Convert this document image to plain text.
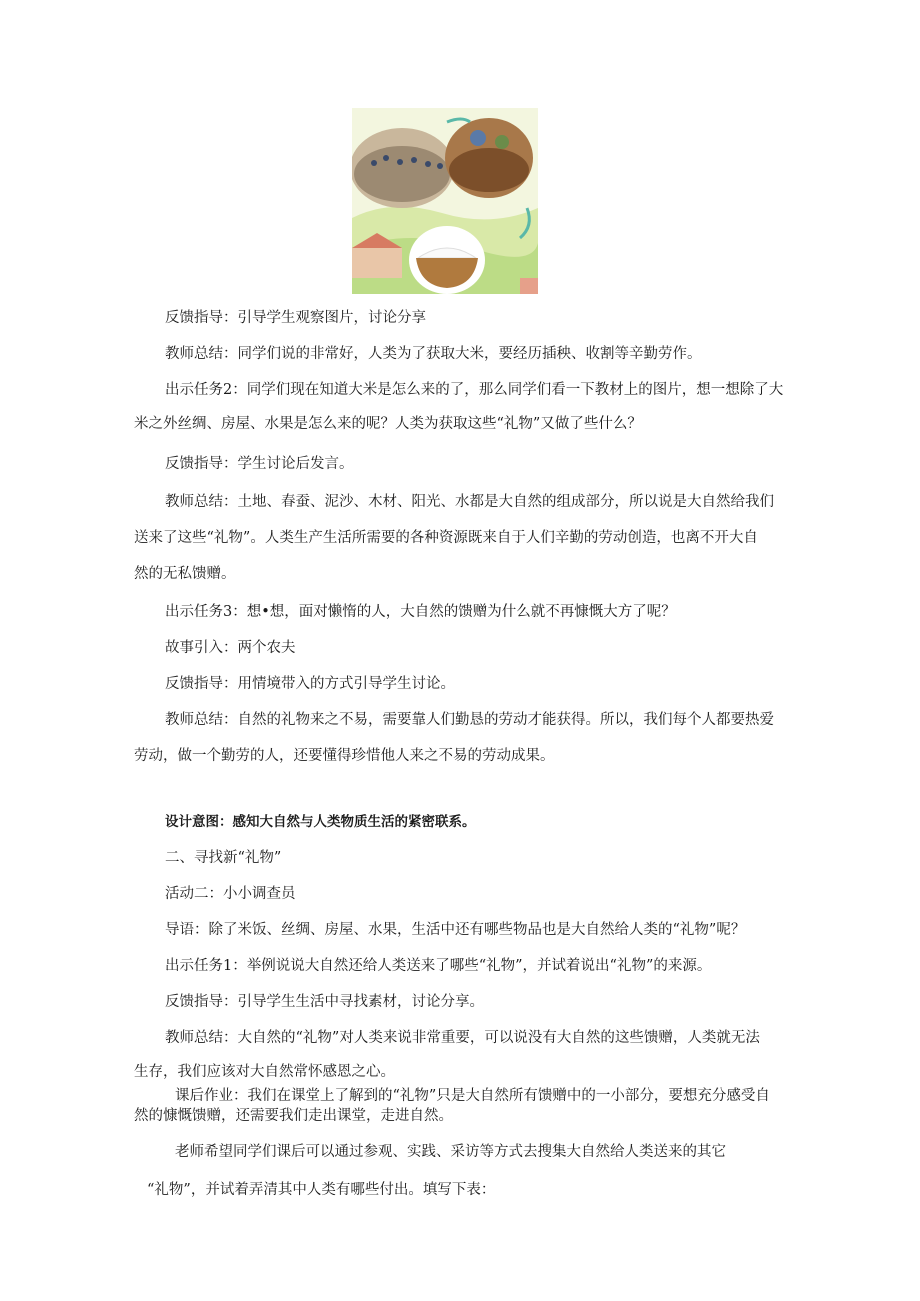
反馈指导：引导学生观察图片，讨论分享

教师总结：同学们说的非常好，人类为了获取大米，要经历插秧、收割等辛勤劳作。

出示任务2：同学们现在知道大米是怎么来的了，那么同学们看一下教材上的图片，想一想除了大

米之外丝绸、房屋、水果是怎么来的呢？人类为获取这些“礼物”又做了些什么？

反馈指导：学生讨论后发言。

教师总结：土地、春蚕、泥沙、木材、阳光、水都是大自然的组成部分，所以说是大自然给我们

送来了这些“礼物”。人类生产生活所需要的各种资源既来自于人们辛勤的劳动创造，也离不开大自

然的无私馈赠。

出示任务3：想•想，面对懒惰的人，大自然的馈赠为什么就不再慷慨大方了呢？

故事引入：两个农夫

反馈指导：用情境带入的方式引导学生讨论。

教师总结：自然的礼物来之不易，需要靠人们勤恳的劳动才能获得。所以，我们每个人都要热爱

劳动，做一个勤劳的人，还要懂得珍惜他人来之不易的劳动成果。

设计意图：感知大自然与人类物质生活的紧密联系。

二、寻找新“礼物”

活动二：小小调查员

导语：除了米饭、丝绸、房屋、水果，生活中还有哪些物品也是大自然给人类的“礼物”呢？

出示任务1：举例说说大自然还给人类送来了哪些“礼物”，并试着说出“礼物”的来源。

反馈指导：引导学生生活中寻找素材，讨论分享。

教师总结：大自然的“礼物”对人类来说非常重要，可以说没有大自然的这些馈赠，人类就无法

生存，我们应该对大自然常怀感恩之心。

课后作业：我们在课堂上了解到的“礼物”只是大自然所有馈赠中的一小部分，要想充分感受自

然的慷慨馈赠，还需要我们走出课堂，走进自然。

老师希望同学们课后可以通过参观、实践、采访等方式去搜集大自然给人类送来的其它

“礼物”，并试着弄清其中人类有哪些付出。填写下表：
